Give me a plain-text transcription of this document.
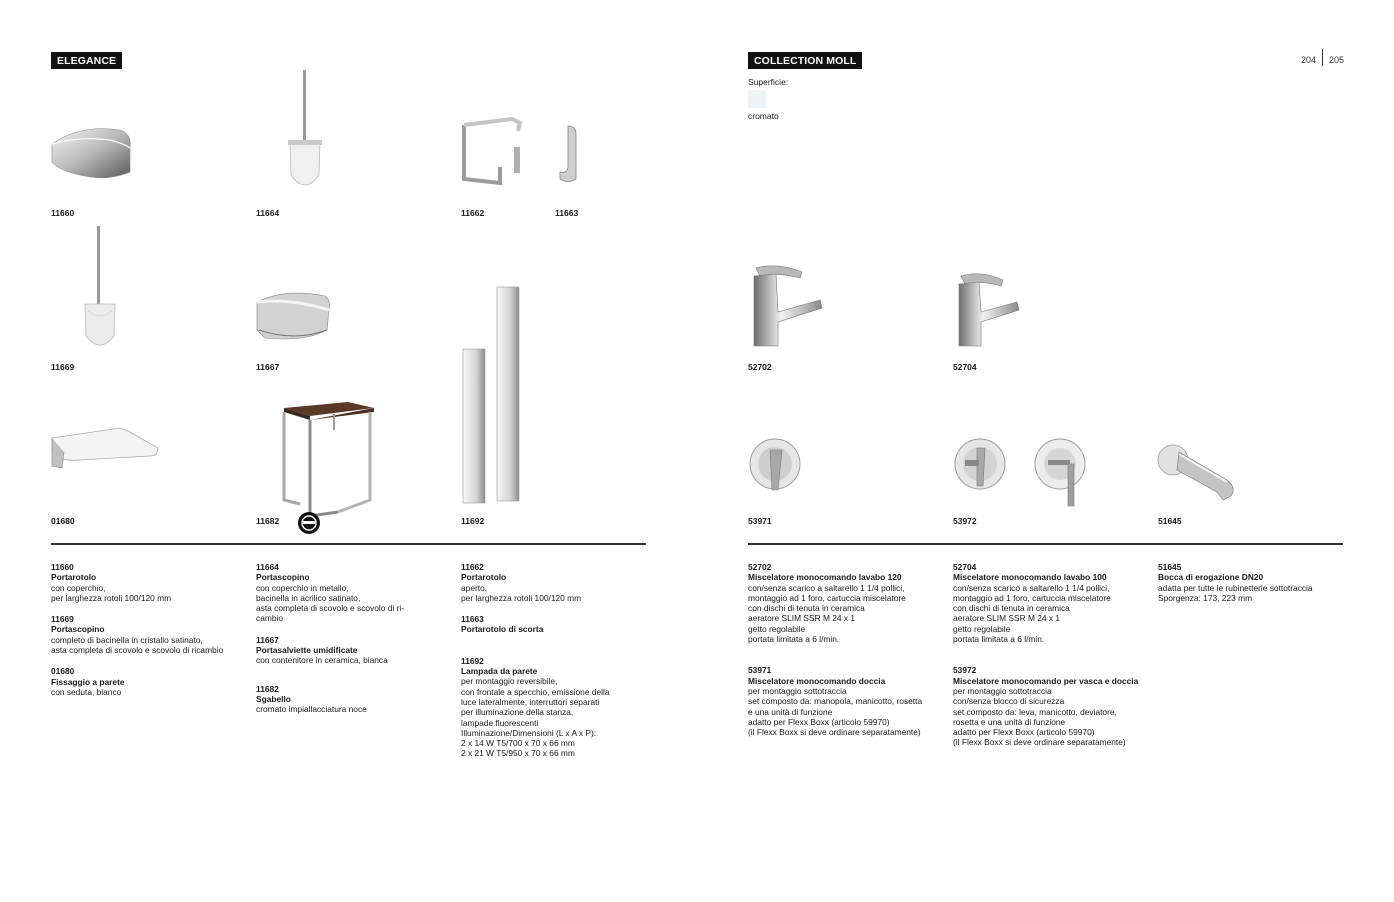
ELEGANCE
11660	11664	11662	11663
11669	11667
01680	11682	11692
11660
Portarotolo
con coperchio,
per larghezza rotoli 100/120 mm
11669
Portascopino
completo di bacinella in cristallo satinato,
asta completa di scovolo e scovolo di ricambio
01680
Fissaggio a parete
con seduta, bianco
11664
Portascopino
con coperchio in metallo,
bacinella in acrilico satinato,
asta completa di scovolo e scovolo di ri-
cambio
11667
Portasalviette umidificate
con contenitore in ceramica, bianca
11682
Sgabello
cromato impiallacciatura noce
11662
Portarotolo
aperto,
per larghezza rotoli 100/120 mm
11663
Portarotolo di scorta
11692
Lampada da parete
per montaggio reversibile,
con frontale a specchio, emissione della
luce lateralmente, interruttori separati
per illuminazione della stanza,
lampade fluorescenti
Illuminazione/Dimensioni (L x A x P):
2 x 14 W T5/700 x 70 x 66 mm
2 x 21 W T5/950 x 70 x 66 mm
COLLECTION MOLL	204 205
Superficie:
cromato
52702	52704
53971	53972	51645
52702
Miscelatore monocomando lavabo 120
con/senza scarico a saltarello 1 1/4 pollici,
montaggio ad 1 foro, cartuccia miscelatore
con dischi di tenuta in ceramica
aeratore SLIM SSR M 24 x 1
getto regolabile
portata limitata a 6 l/min.
53971
Miscelatore monocomando doccia
per montaggio sottotraccia
set composto da: manopola, manicotto, rosetta
e una unità di funzione
adatto per Flexx Boxx (articolo 59970)
(il Flexx Boxx si deve ordinare separatamente)
52704
Miscelatore monocomando lavabo 100
con/senza scarico a saltarello 1 1/4 pollici,
montaggio ad 1 foro, cartuccia miscelatore
con dischi di tenuta in ceramica
aeratore SLIM SSR M 24 x 1
getto regolabile
portata limitata a 6 l/min.
53972
Miscelatore monocomando per vasca e doccia
per montaggio sottotraccia
con/senza blocco di sicurezza
set composto da: leva, manicotto, deviatore,
rosetta e una unità di funzione
adatto per Flexx Boxx (articolo 59970)
(il Flexx Boxx si deve ordinare separatamente)
51645
Bocca di erogazione DN20
adatta per tutte le rubinetterie sottotraccia
Sporgenza: 173, 223 mm
